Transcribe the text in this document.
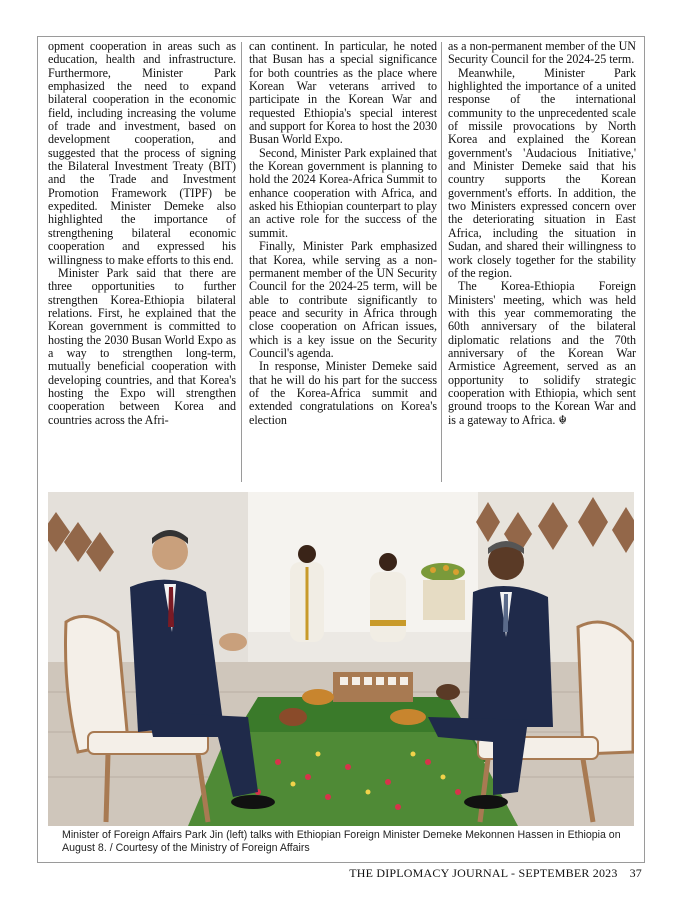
opment cooperation in areas such as education, health and infrastructure. Furthermore, Minister Park emphasized the need to expand bilateral cooperation in the economic field, including increasing the volume of trade and investment, based on development cooperation, and suggested that the process of signing the Bilateral Investment Treaty (BIT) and the Trade and Investment Promotion Framework (TIPF) be expedited. Minister Demeke also highlighted the importance of strengthening bilateral economic cooperation and expressed his willingness to make efforts to this end.

Minister Park said that there are three opportunities to further strengthen Korea-Ethiopia bilateral relations. First, he explained that the Korean government is committed to hosting the 2030 Busan World Expo as a way to strengthen long-term, mutually beneficial cooperation with developing countries, and that Korea's hosting the Expo will strengthen cooperation between Korea and countries across the Afri-

can continent. In particular, he noted that Busan has a special significance for both countries as the place where Korean War veterans arrived to participate in the Korean War and requested Ethiopia's special interest and support for Korea to host the 2030 Busan World Expo.

Second, Minister Park explained that the Korean government is planning to hold the 2024 Korea-Africa Summit to enhance cooperation with Africa, and asked his Ethiopian counterpart to play an active role for the success of the summit.

Finally, Minister Park emphasized that Korea, while serving as a non-permanent member of the UN Security Council for the 2024-25 term, will be able to contribute significantly to peace and security in Africa through close cooperation on African issues, which is a key issue on the Security Council's agenda.

In response, Minister Demeke said that he will do his part for the success of the Korea-Africa summit and extended congratulations on Korea's election

as a non-permanent member of the UN Security Council for the 2024-25 term.

Meanwhile, Minister Park highlighted the importance of a united response of the international community to the unprecedented scale of missile provocations by North Korea and explained the Korean government's 'Audacious Initiative,' and Minister Demeke said that his country supports the Korean government's efforts. In addition, the two Ministers expressed concern over the deteriorating situation in East Africa, including the situation in Sudan, and shared their willingness to work closely together for the stability of the region.

The Korea-Ethiopia Foreign Ministers' meeting, which was held with this year commemorating the 60th anniversary of the bilateral diplomatic relations and the 70th anniversary of the Korean War Armistice Agreement, served as an opportunity to solidify strategic cooperation with Ethiopia, which sent ground troops to the Korean War and is a gateway to Africa. ☬

Minister of Foreign Affairs Park Jin (left) talks with Ethiopian Foreign Minister Demeke Mekonnen Hassen in Ethiopia on August 8. / Courtesy of the Ministry of Foreign Affairs
THE DIPLOMACY JOURNAL - SEPTEMBER 2023 37
